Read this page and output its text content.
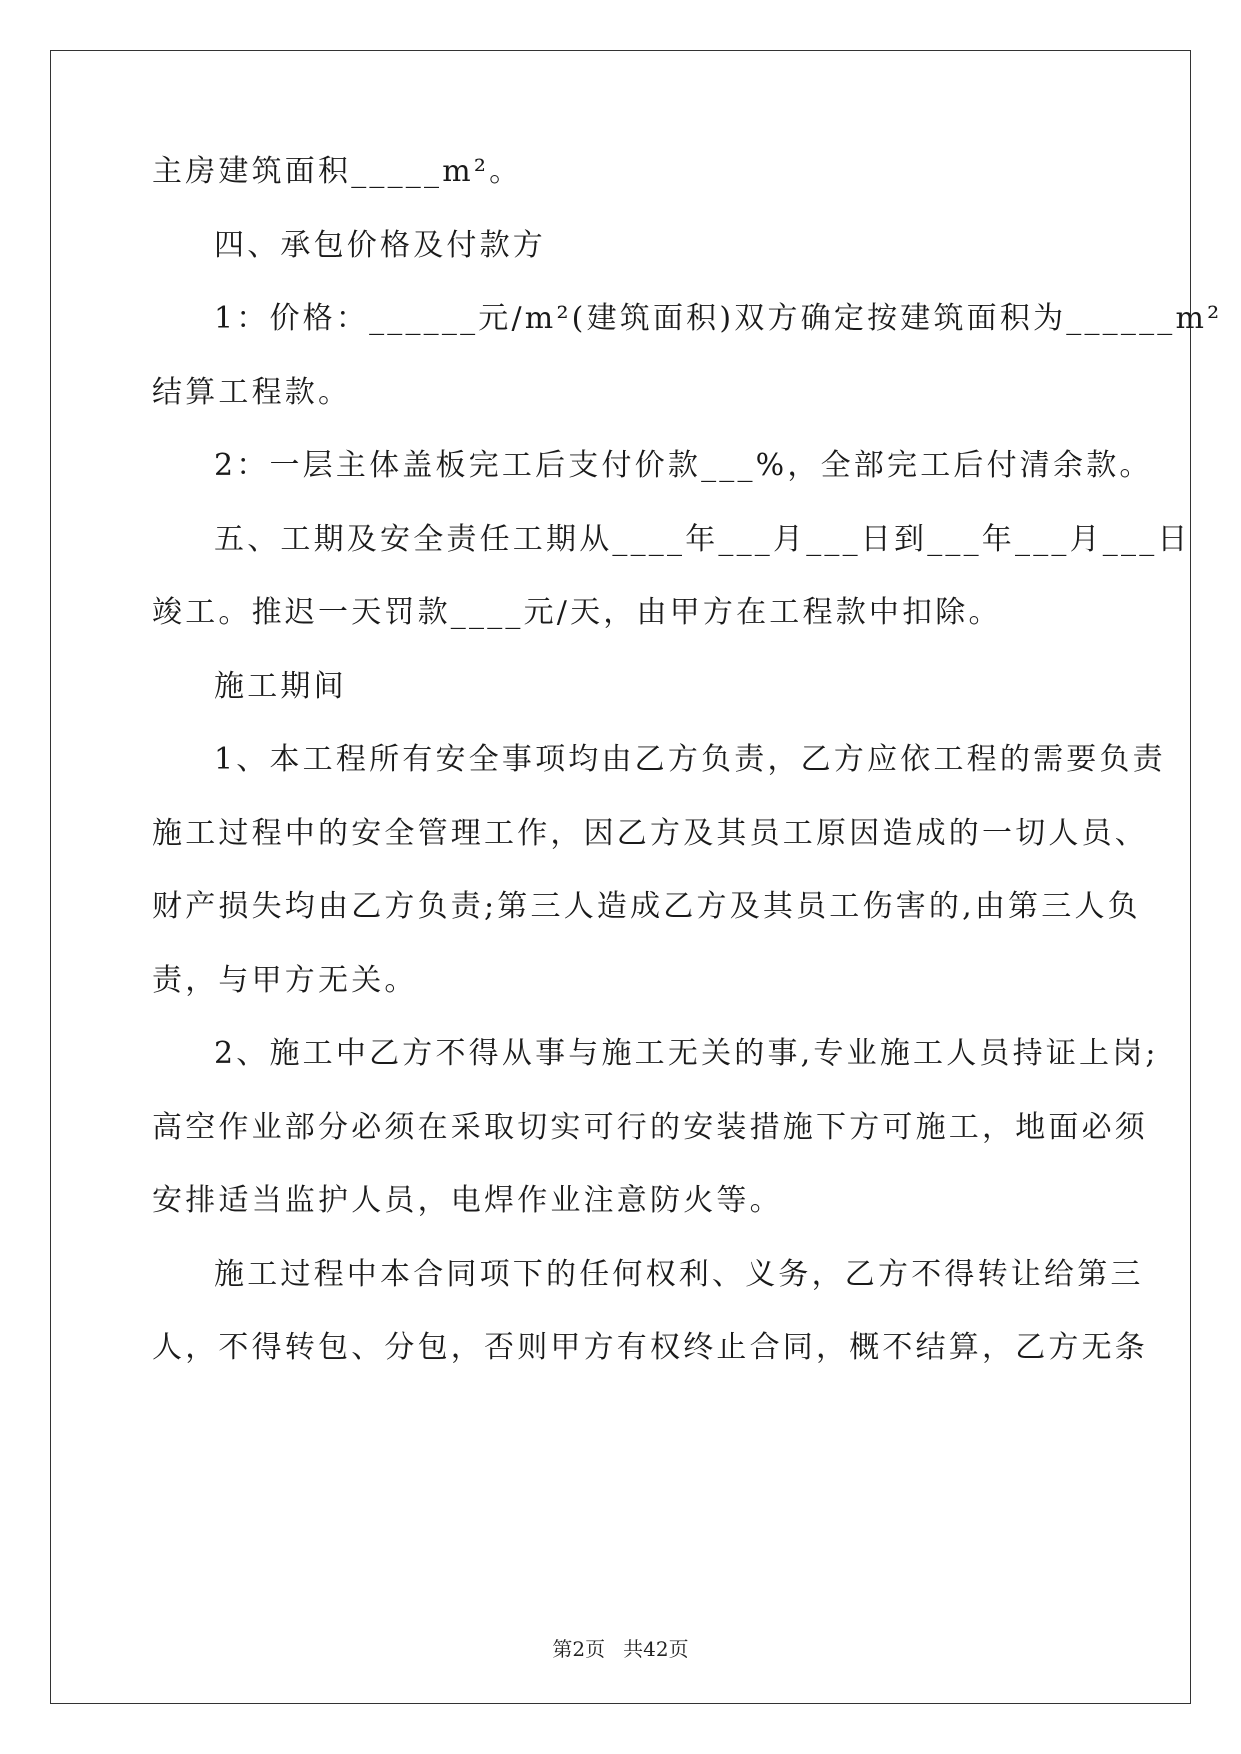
主房建筑面积_____m²。
四、承包价格及付款方
1：价格：______元/m²(建筑面积)双方确定按建筑面积为______m²
结算工程款。
2：一层主体盖板完工后支付价款___%，全部完工后付清余款。
五、工期及安全责任工期从____年___月___日到___年___月___日
竣工。推迟一天罚款____元/天，由甲方在工程款中扣除。
施工期间
1、本工程所有安全事项均由乙方负责，乙方应依工程的需要负责
施工过程中的安全管理工作，因乙方及其员工原因造成的一切人员、
财产损失均由乙方负责;第三人造成乙方及其员工伤害的,由第三人负
责，与甲方无关。
2、施工中乙方不得从事与施工无关的事,专业施工人员持证上岗;
高空作业部分必须在采取切实可行的安装措施下方可施工，地面必须
安排适当监护人员，电焊作业注意防火等。
施工过程中本合同项下的任何权利、义务，乙方不得转让给第三
人，不得转包、分包，否则甲方有权终止合同，概不结算，乙方无条
第2页 共42页
